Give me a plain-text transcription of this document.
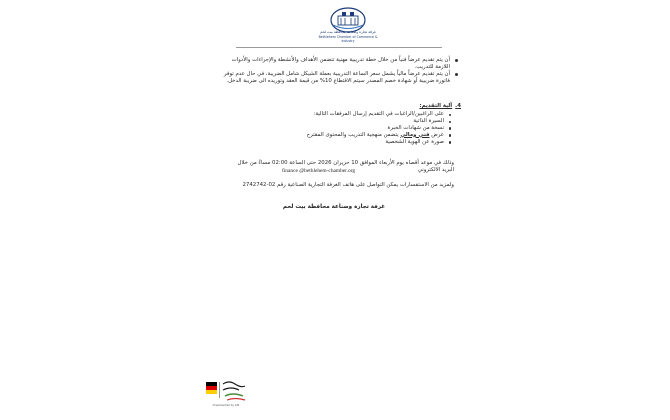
غرفة تجارة وصناعة محافظة بيت لحم
Bethlehem Chamber of Commerce & Industry
أن يتم تقديم عرضاً فنياً من خلال خطة تدريبية مهنية تتضمن الأهداف والأنشطة والإجراءات والأدوات اللازمة للتدريب.
أن يتم تقديم عرضاً مالياً يشمل سعر الساعة التدريبية بعملة الشيكل شامل الضريبة، في حال عدم توفر فاتورة ضريبية أو شهادة خصم المصدر سيتم الاقتطاع 10% من قيمة العقد وتوريده الى ضريبة الدخل.
4.آلية التقديم:
على الراغبين/الراغبات في التقديم إرسال المرفقات التالية:
السيرة الذاتية
نسخة من شهادات الخبرة
عرض فني ومالي يتضمن منهجية التدريب والمحتوى المقترح
صورة عن الهوية الشخصية
وذلك في موعد أقصاه يوم الأربعاء الموافق 10 حزيران 2026 حتى الساعة 02:00 مساءً من خلال البريد الالكتروني
finance @bethlehem-chamber.org
ولمزيد من الاستفسارات يمكن التواصل على هاتف الغرفة التجارية الصناعية رقم 02-2742742
غرفة تجارة وصناعة محافظة بيت لحم
Implemented by GIZ
